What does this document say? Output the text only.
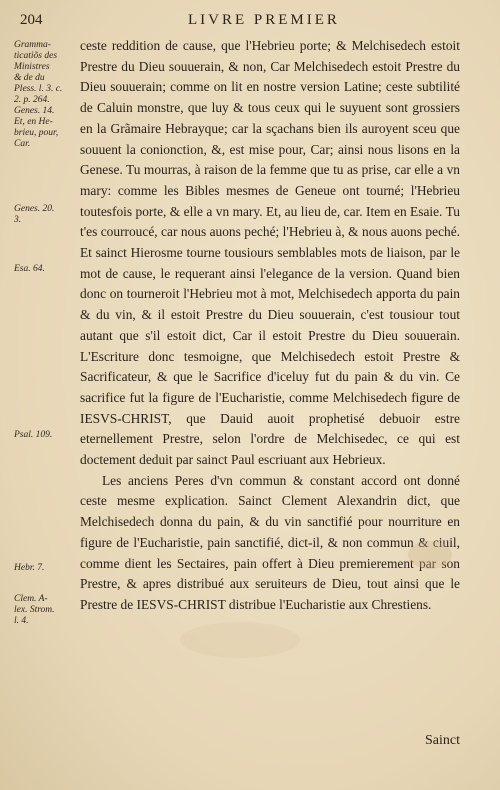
204	LIVRE PREMIER
Gramma-
ticatiõs des
Ministres
& de du
Pless. l. 3. c.
2. p. 264.
Genes. 14.
Et, en He-
brieu, pour,
Car.
Genes. 20.
3.
Esa. 64.
Psal. 109.
Hebr. 7.
Clem. A-
lex. Strom.
l. 4.

ceste reddition de cause, que l'Hebrieu porte; & Melchisedech estoit Prestre du Dieu souuerain, & non, Car Melchisedech estoit Prestre du Dieu souuerain; comme on lit en nostre version Latine; ceste subtilité de Caluin monstre, que luy & tous ceux qui le suyuent sont grossiers en la Grãmaire Hebrayque; car la sçachans bien ils auroyent sceu que souuent la conionction, &, est mise pour, Car; ainsi nous lisons en la Genese. Tu mourras, à raison de la femme que tu as prise, car elle a vn mary: comme les Bibles mesmes de Geneue ont tourné; l'Hebrieu toutesfois porte, & elle a vn mary. Et, au lieu de, car. Item en Esaie. Tu t'es courroucé, car nous auons peché; l'Hebrieu à, & nous auons peché. Et sainct Hierosme tourne tousiours semblables mots de liaison, par le mot de cause, le requerant ainsi l'elegance de la version. Quand bien donc on tourneroit l'Hebrieu mot à mot, Melchisedech apporta du pain & du vin, & il estoit Prestre du Dieu souuerain, c'est tousiour tout autant que s'il estoit dict, Car il estoit Prestre du Dieu souuerain. L'Escriture donc tesmoigne, que Melchisedech estoit Prestre & Sacrificateur, & que le Sacrifice d'iceluy fut du pain & du vin. Ce sacrifice fut la figure de l'Eucharistie, comme Melchisedech figure de IESVS-CHRIST, que Dauid auoit prophetisé debuoir estre eternellement Prestre, selon l'ordre de Melchisedec, ce qui est doctement deduit par sainct Paul escriuant aux Hebrieux.

Les anciens Peres d'vn commun & constant accord ont donné ceste mesme explication. Sainct Clement Alexandrin dict, que Melchisedech donna du pain, & du vin sanctifié pour nourriture en figure de l'Eucharistie, pain sanctifié, dict-il, & non commun & ciuil, comme dient les Sectaires, pain offert à Dieu premierement par son Prestre, & apres distribué aux seruiteurs de Dieu, tout ainsi que le Prestre de IESVS-CHRIST distribue l'Eucharistie aux Chrestiens.

Sainct
